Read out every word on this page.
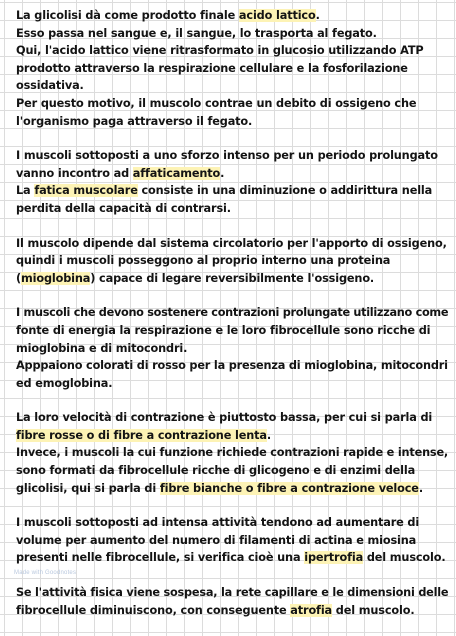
La glicolisi dà come prodotto finale acido lattico.
Esso passa nel sangue e, il sangue, lo trasporta al fegato.
Qui, l'acido lattico viene ritrasformato in glucosio utilizzando ATP
prodotto attraverso la respirazione cellulare e la fosforilazione
ossidativa.
Per questo motivo, il muscolo contrae un debito di ossigeno che
l'organismo paga attraverso il fegato.
I muscoli sottoposti a uno sforzo intenso per un periodo prolungato
vanno incontro ad affaticamento.
La fatica muscolare consiste in una diminuzione o addirittura nella
perdita della capacità di contrarsi.
Il muscolo dipende dal sistema circolatorio per l'apporto di ossigeno,
quindi i muscoli posseggono al proprio interno una proteina
(mioglobina) capace di legare reversibilmente l'ossigeno.
I muscoli che devono sostenere contrazioni prolungate utilizzano come
fonte di energia la respirazione e le loro fibrocellule sono ricche di
mioglobina e di mitocondri.
Apppaiono colorati di rosso per la presenza di mioglobina, mitocondri
ed emoglobina.
La loro velocità di contrazione è piuttosto bassa, per cui si parla di
fibre rosse o di fibre a contrazione lenta.
Invece, i muscoli la cui funzione richiede contrazioni rapide e intense,
sono formati da fibrocellule ricche di glicogeno e di enzimi della
glicolisi, qui si parla di fibre bianche o fibre a contrazione veloce.
I muscoli sottoposti ad intensa attività tendono ad aumentare di
volume per aumento del numero di filamenti di actina e miosina
presenti nelle fibrocellule, si verifica cioè una ipertrofia del muscolo.
Se l'attività fisica viene sospesa, la rete capillare e le dimensioni delle
fibrocellule diminuiscono, con conseguente atrofia del muscolo.
Made with Goodnotes
